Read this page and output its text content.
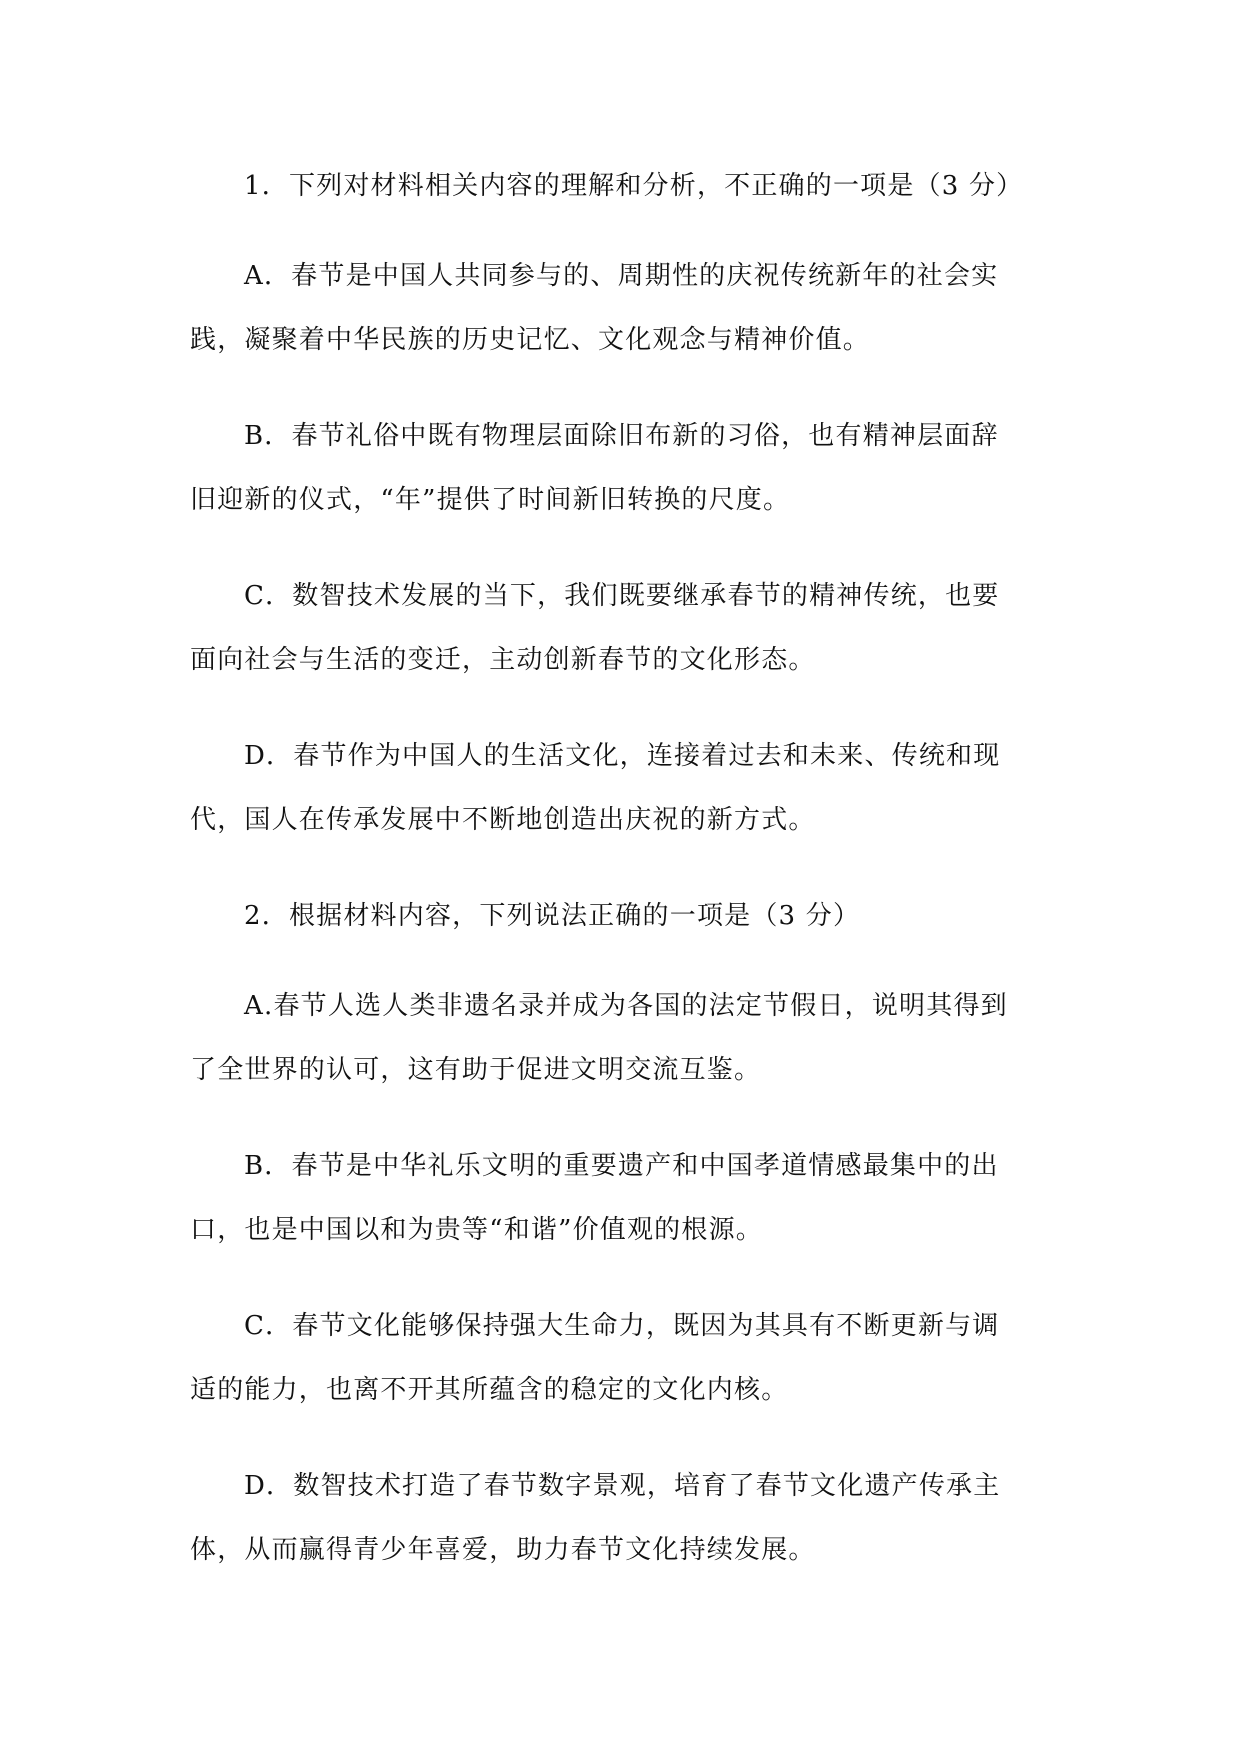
1．下列对材料相关内容的理解和分析，不正确的一项是（3 分）
A．春节是中国人共同参与的、周期性的庆祝传统新年的社会实
践，凝聚着中华民族的历史记忆、文化观念与精神价值。
B．春节礼俗中既有物理层面除旧布新的习俗，也有精神层面辞
旧迎新的仪式，“年”提供了时间新旧转换的尺度。
C．数智技术发展的当下，我们既要继承春节的精神传统，也要
面向社会与生活的变迁，主动创新春节的文化形态。
D．春节作为中国人的生活文化，连接着过去和未来、传统和现
代，国人在传承发展中不断地创造出庆祝的新方式。
2．根据材料内容，下列说法正确的一项是（3 分）
A.春节人选人类非遗名录并成为各国的法定节假日，说明其得到
了全世界的认可，这有助于促进文明交流互鉴。
B．春节是中华礼乐文明的重要遗产和中国孝道情感最集中的出
口，也是中国以和为贵等“和谐”价值观的根源。
C．春节文化能够保持强大生命力，既因为其具有不断更新与调
适的能力，也离不开其所蕴含的稳定的文化内核。
D．数智技术打造了春节数字景观，培育了春节文化遗产传承主
体，从而赢得青少年喜爱，助力春节文化持续发展。
